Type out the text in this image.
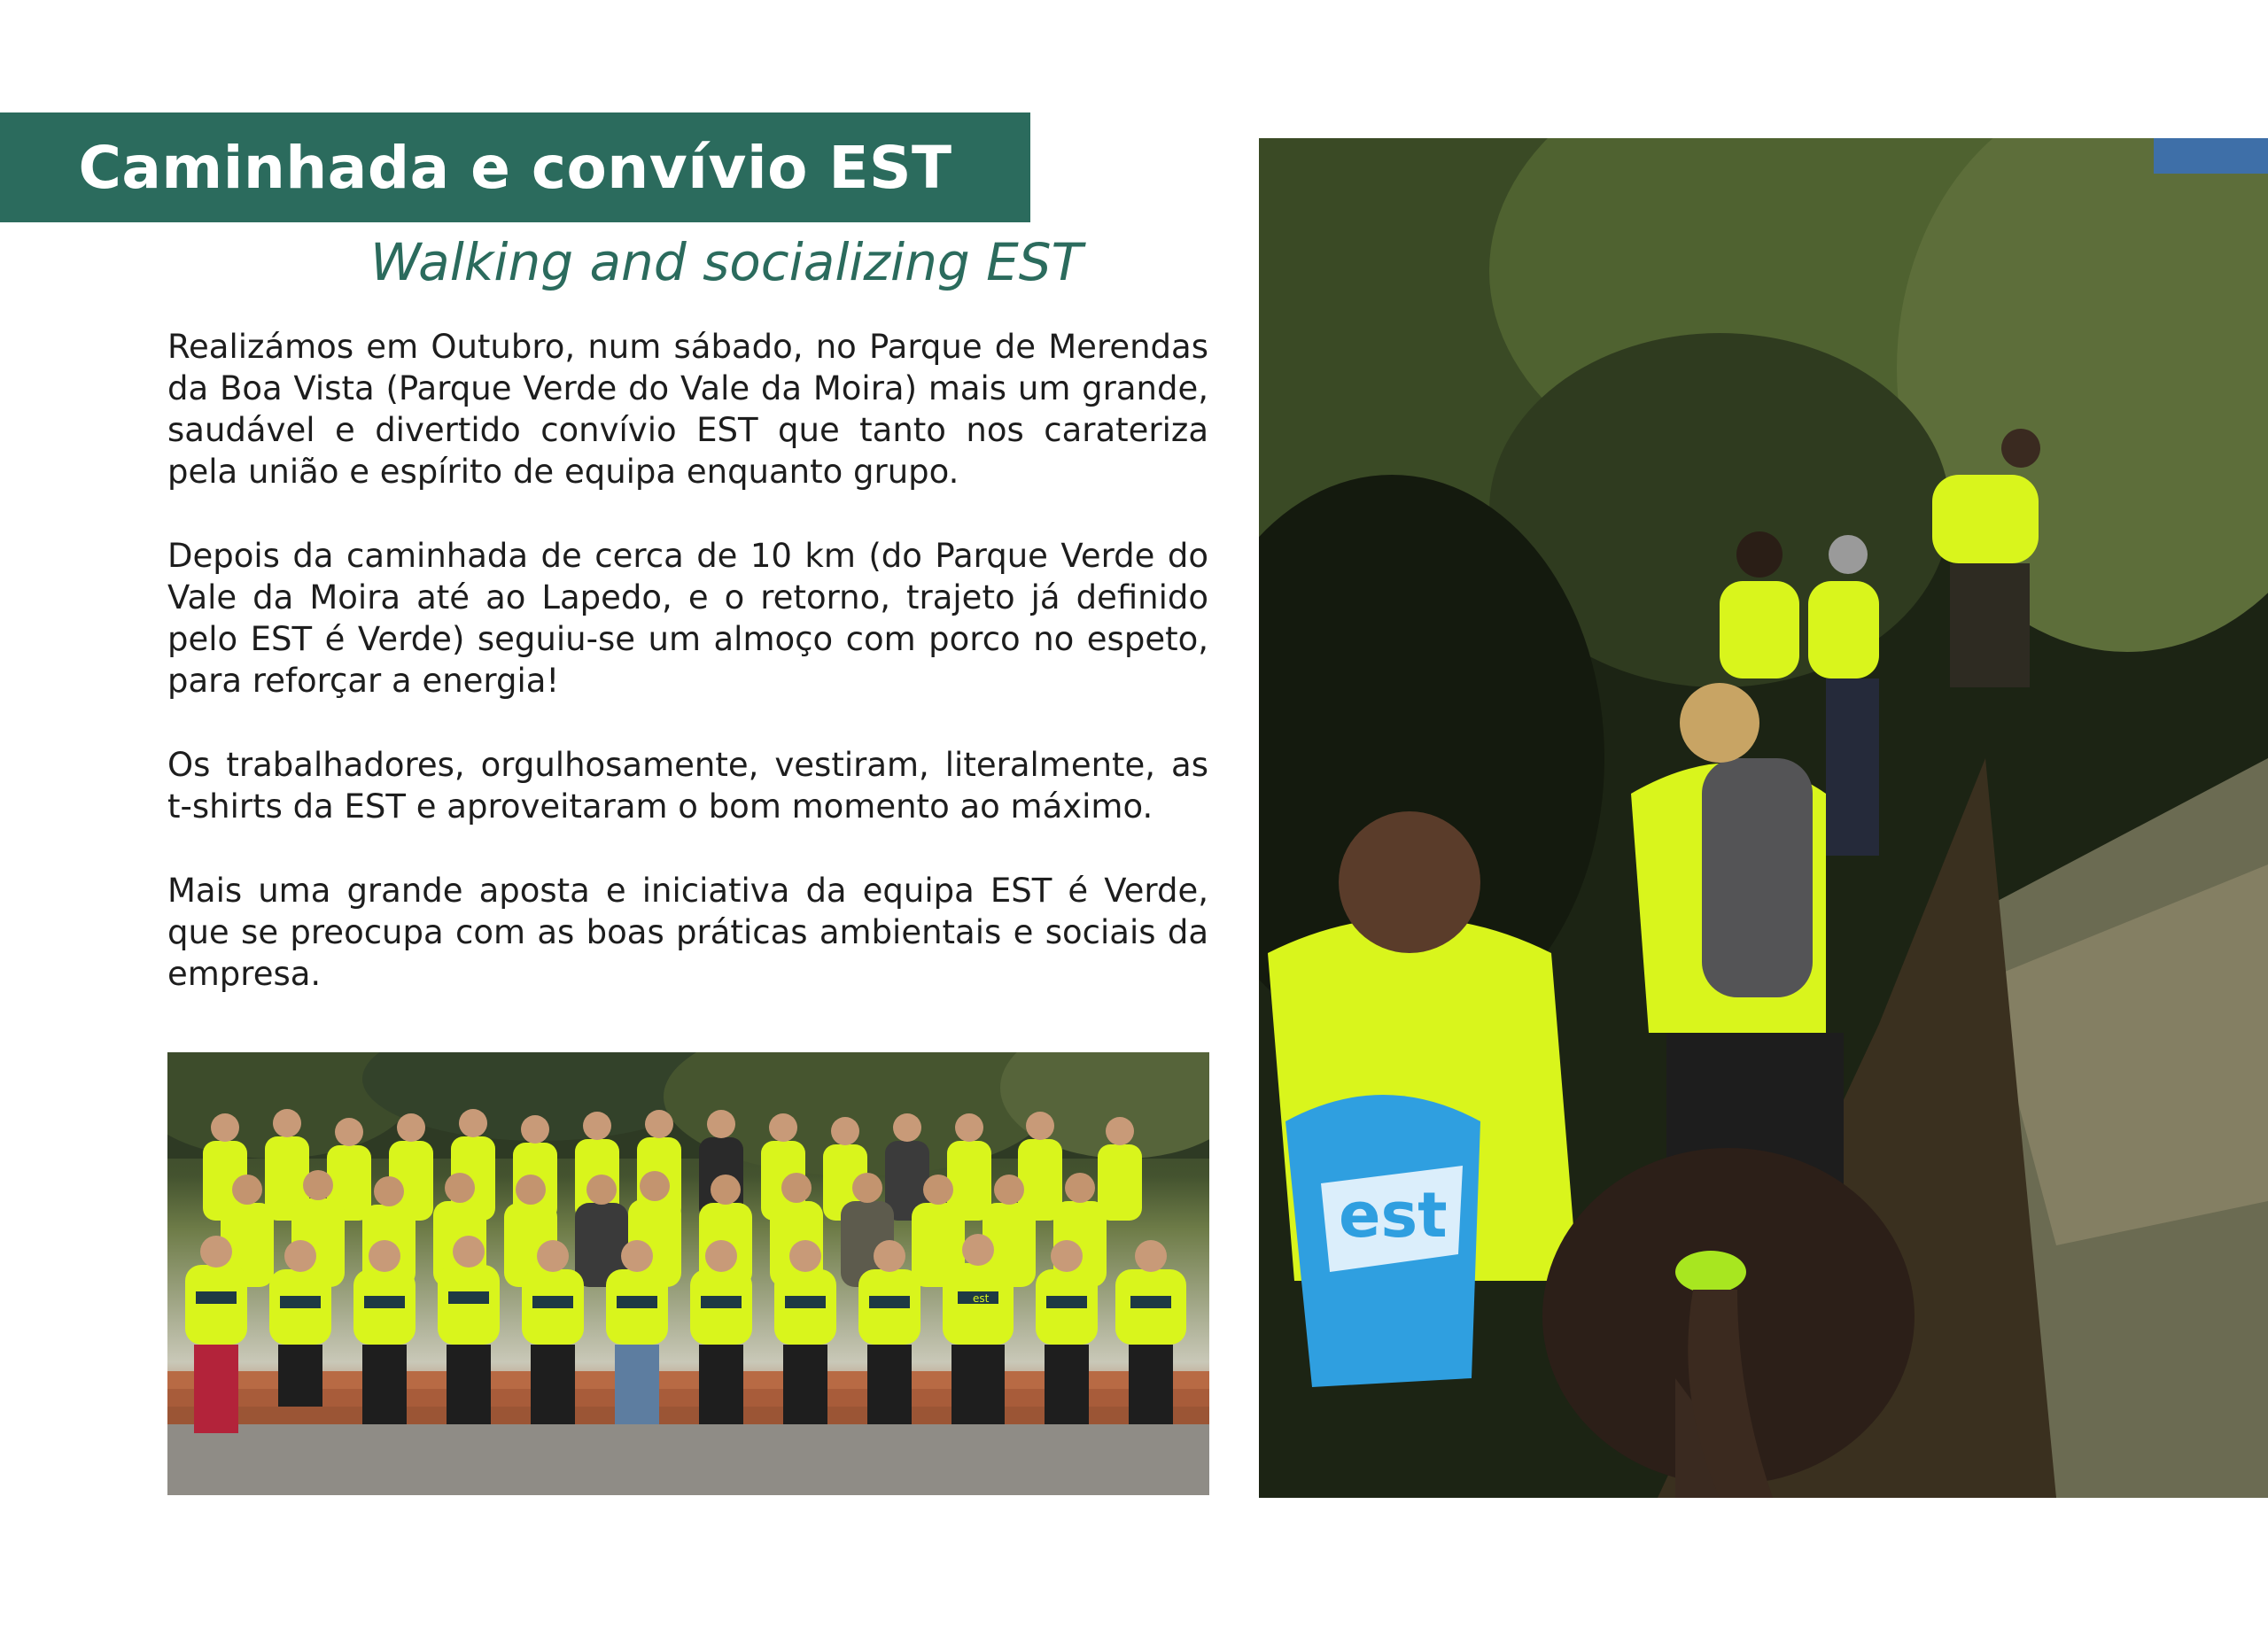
Caminhada e convívio EST
Walking and socializing EST

Realizámos em Outubro, num sábado, no Parque de Merendas da Boa Vista (Parque Verde do Vale da Moira) mais um grande, saudável e divertido convívio EST que tanto nos carateriza pela união e espírito de equipa enquanto grupo.

Depois da caminhada de cerca de 10 km (do Parque Verde do Vale da Moira até ao Lapedo, e o retorno, trajeto já definido pelo EST é Verde) seguiu-se um almoço com porco no espeto, para reforçar a energia!

Os trabalhadores, orgulhosamente, vestiram, literalmente, as t-shirts da EST e aproveitaram o bom momento ao máximo.

Mais uma grande aposta e iniciativa da equipa EST é Verde, que se preocupa com as boas práticas ambientais e sociais da empresa.

est
est
